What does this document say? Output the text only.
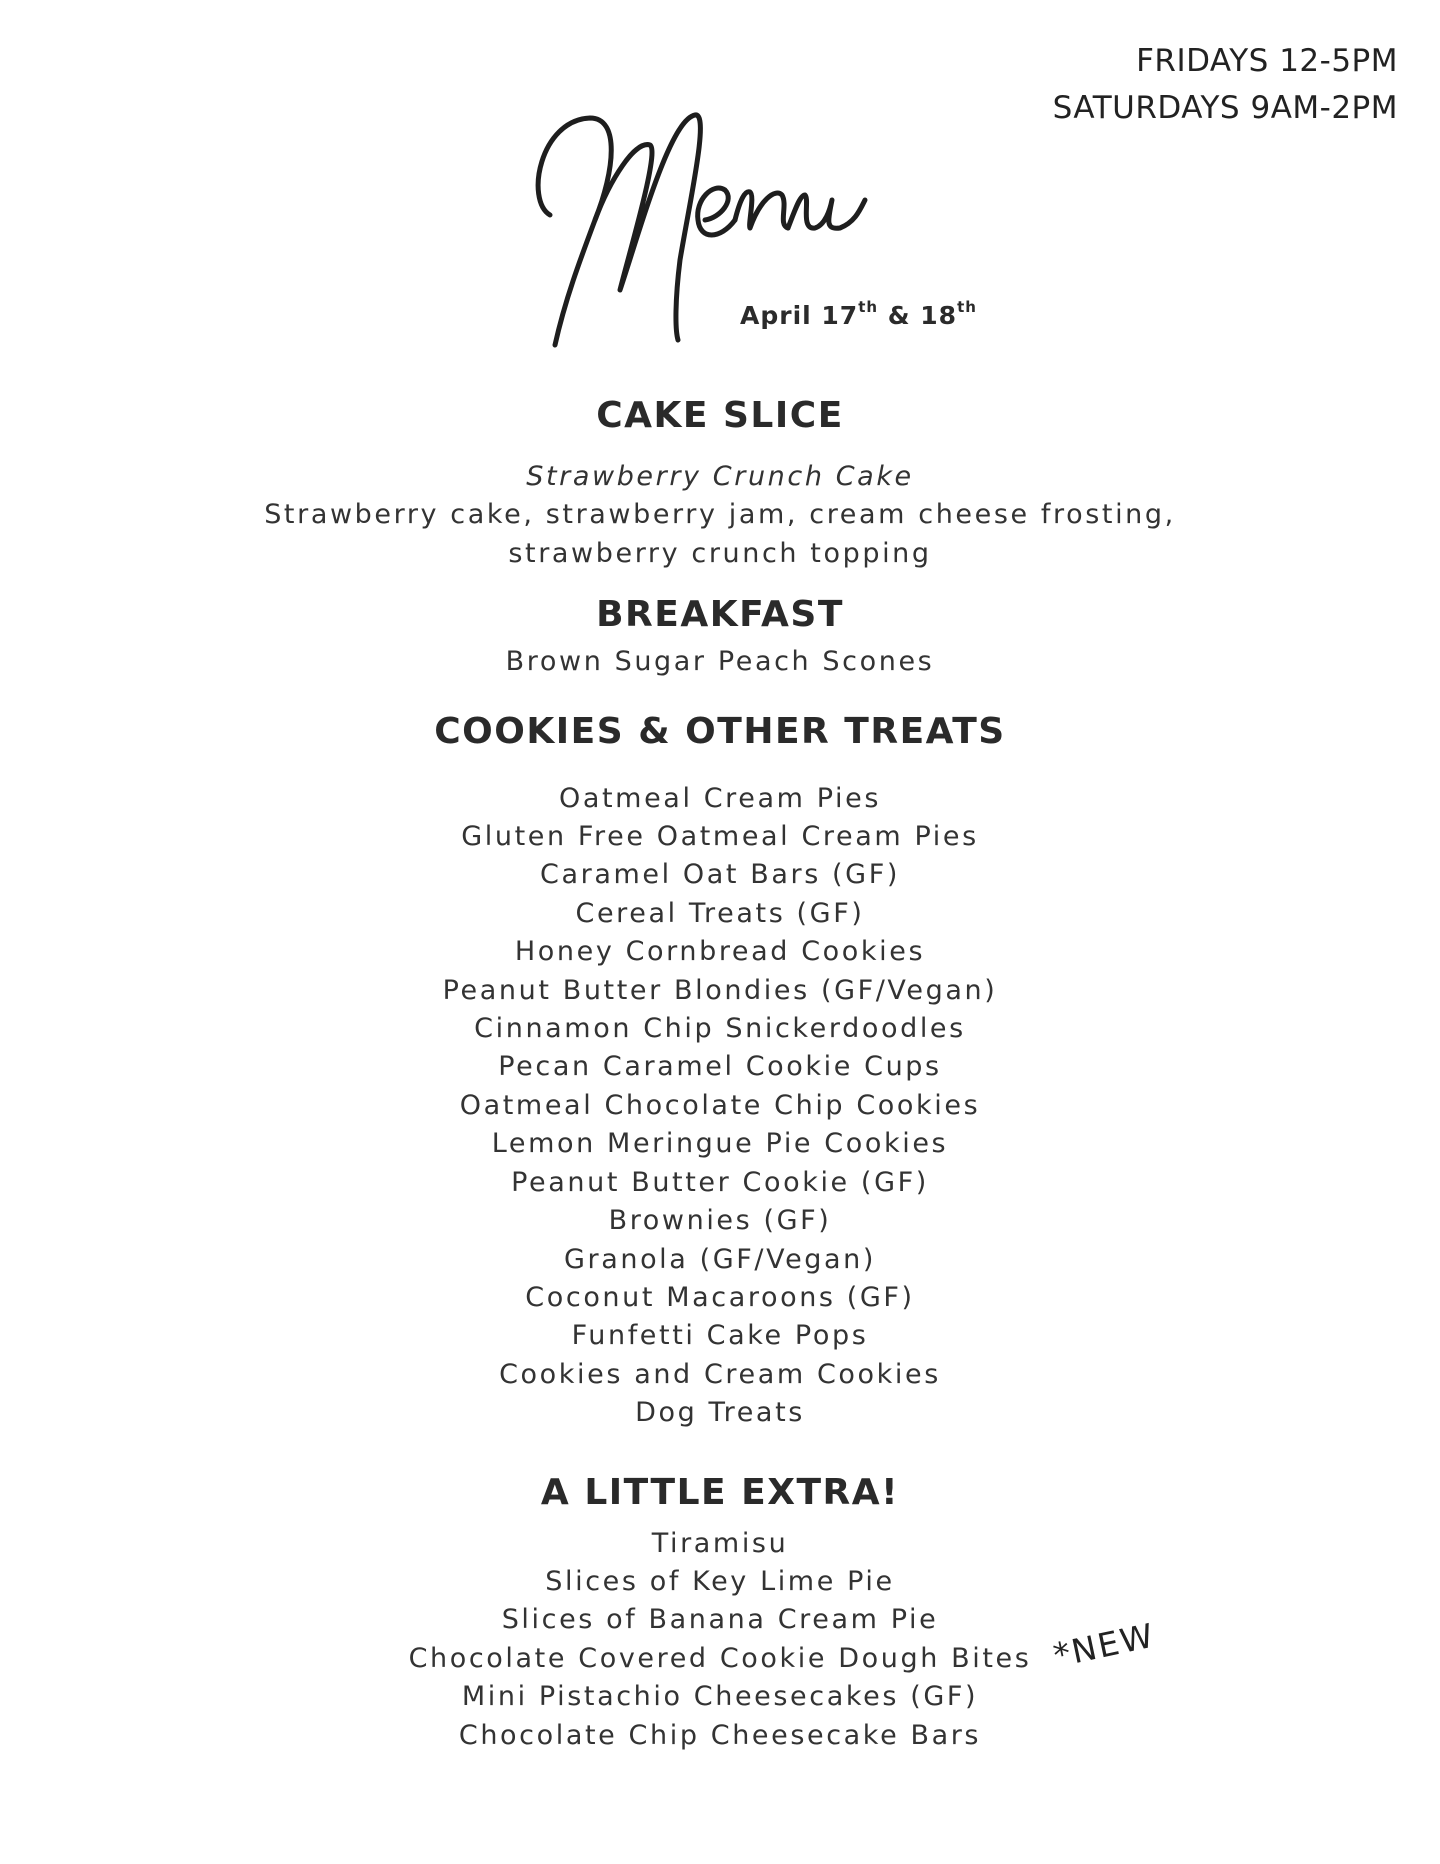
FRIDAYS 12-5PM
SATURDAYS 9AM-2PM
April 17th & 18th
CAKE SLICE

Strawberry Crunch Cake

Strawberry cake, strawberry jam, cream cheese frosting,

strawberry crunch topping

BREAKFAST

Brown Sugar Peach Scones

COOKIES & OTHER TREATS

Oatmeal Cream Pies

Gluten Free Oatmeal Cream Pies

Caramel Oat Bars (GF)

Cereal Treats (GF)

Honey Cornbread Cookies

Peanut Butter Blondies (GF/Vegan)

Cinnamon Chip Snickerdoodles

Pecan Caramel Cookie Cups

Oatmeal Chocolate Chip Cookies

Lemon Meringue Pie Cookies

Peanut Butter Cookie (GF)

Brownies (GF)

Granola (GF/Vegan)

Coconut Macaroons (GF)

Funfetti Cake Pops

Cookies and Cream Cookies

Dog Treats

A LITTLE EXTRA!

Tiramisu

Slices of Key Lime Pie

Slices of Banana Cream Pie

Chocolate Covered Cookie Dough Bites

Mini Pistachio Cheesecakes (GF)

Chocolate Chip Cheesecake Bars

*NEW
